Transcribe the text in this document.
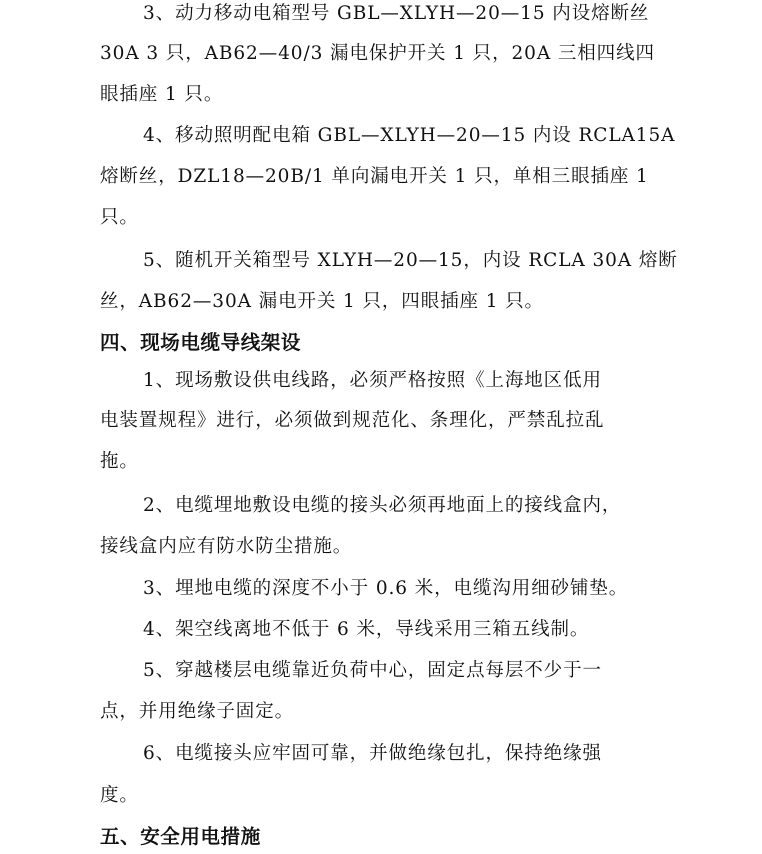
3、动力移动电箱型号 GBL—XLYH—20—15 内设熔断丝
30A 3 只，AB62—40/3 漏电保护开关 1 只，20A 三相四线四
眼插座 1 只。
4、移动照明配电箱 GBL—XLYH—20—15 内设 RCLA15A
熔断丝，DZL18—20B/1 单向漏电开关 1 只，单相三眼插座 1
只。
5、随机开关箱型号 XLYH—20—15，内设 RCLA 30A 熔断
丝，AB62—30A 漏电开关 1 只，四眼插座 1 只。
四、现场电缆导线架设
1、现场敷设供电线路，必须严格按照《上海地区低用
电装置规程》进行，必须做到规范化、条理化，严禁乱拉乱
拖。
2、电缆埋地敷设电缆的接头必须再地面上的接线盒内，
接线盒内应有防水防尘措施。
3、埋地电缆的深度不小于 0.6 米，电缆沟用细砂铺垫。
4、架空线离地不低于 6 米，导线采用三箱五线制。
5、穿越楼层电缆靠近负荷中心，固定点每层不少于一
点，并用绝缘子固定。
6、电缆接头应牢固可靠，并做绝缘包扎，保持绝缘强
度。
五、安全用电措施
